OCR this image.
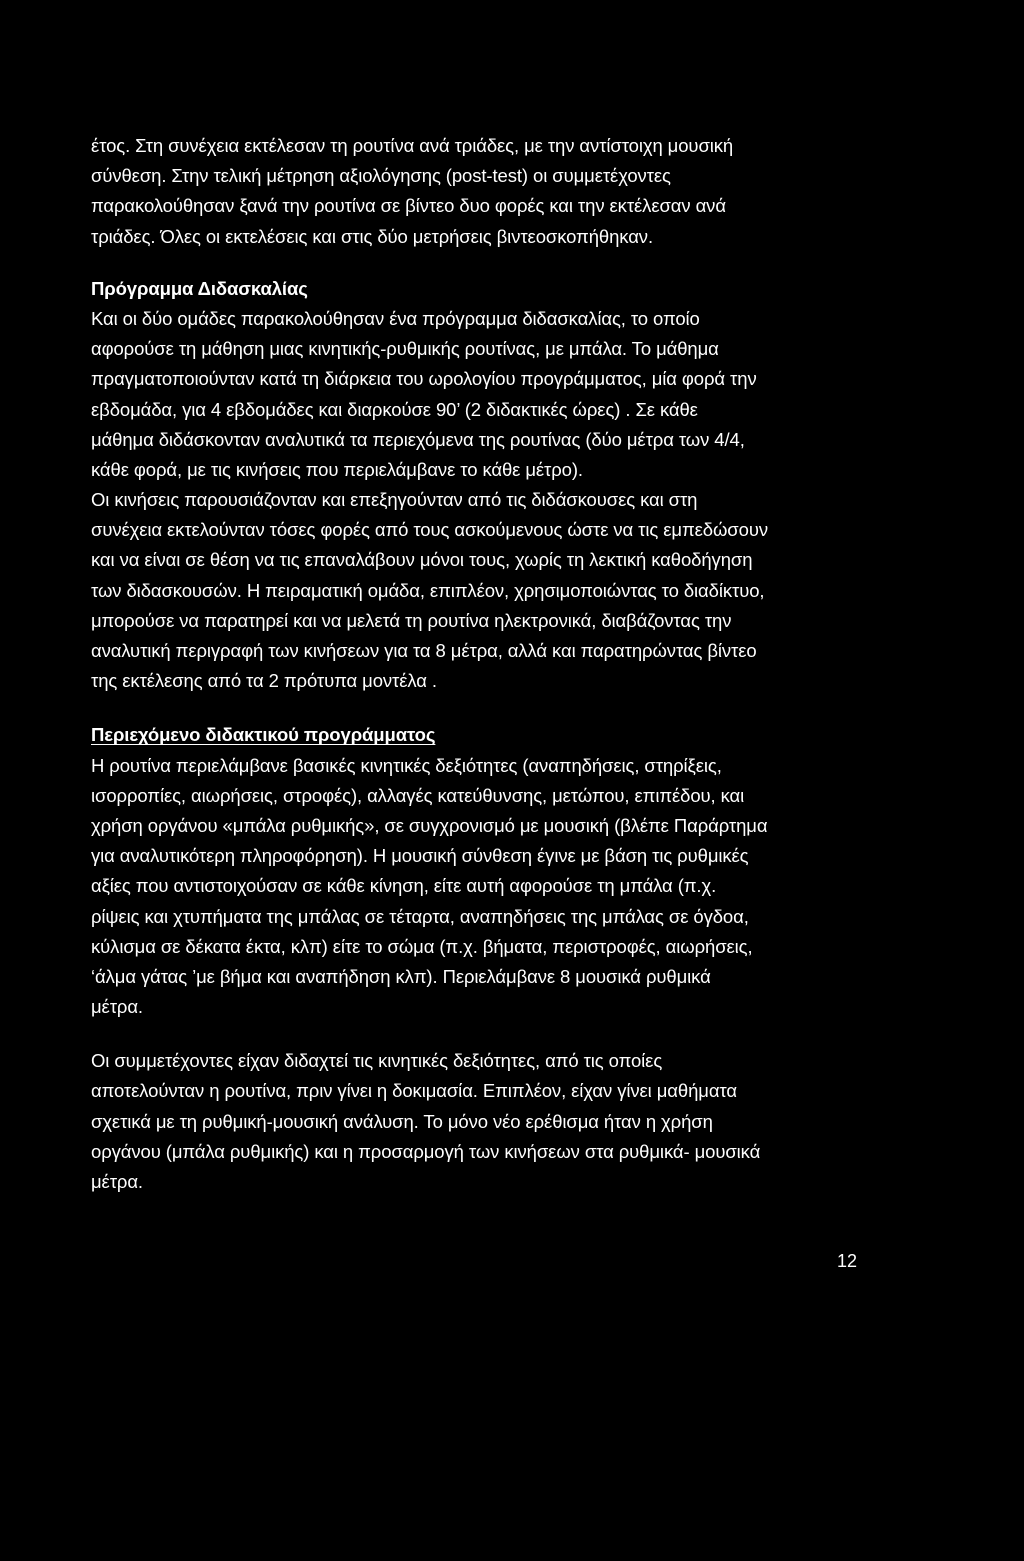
έτος. Στη συνέχεια εκτέλεσαν τη ρουτίνα ανά τριάδες, με την αντίστοιχη μουσική
σύνθεση. Στην τελική μέτρηση αξιολόγησης (post-test) οι συμμετέχοντες
παρακολούθησαν ξανά την ρουτίνα σε βίντεο δυο φορές και την εκτέλεσαν ανά
τριάδες. Όλες οι εκτελέσεις και στις δύο μετρήσεις βιντεοσκοπήθηκαν.
Πρόγραμμα Διδασκαλίας
Και οι δύο ομάδες παρακολούθησαν ένα πρόγραμμα διδασκαλίας, το οποίο
αφορούσε τη μάθηση μιας κινητικής-ρυθμικής ρουτίνας, με μπάλα. Το μάθημα
πραγματοποιούνταν κατά τη διάρκεια του ωρολογίου προγράμματος, μία φορά την
εβδομάδα, για 4 εβδομάδες και διαρκούσε 90’ (2 διδακτικές ώρες) . Σε κάθε
μάθημα διδάσκονταν αναλυτικά τα περιεχόμενα της ρουτίνας (δύο μέτρα των 4/4,
κάθε φορά, με τις κινήσεις που περιελάμβανε το κάθε μέτρο).
Οι κινήσεις παρουσιάζονταν και επεξηγούνταν από τις διδάσκουσες και στη
συνέχεια εκτελούνταν τόσες φορές από τους ασκούμενους ώστε να τις εμπεδώσουν
και να είναι σε θέση να τις επαναλάβουν μόνοι τους, χωρίς τη λεκτική καθοδήγηση
των διδασκουσών. Η πειραματική ομάδα, επιπλέον, χρησιμοποιώντας το διαδίκτυο,
μπορούσε να παρατηρεί και να μελετά τη ρουτίνα ηλεκτρονικά, διαβάζοντας την
αναλυτική περιγραφή των κινήσεων για τα 8 μέτρα, αλλά και παρατηρώντας βίντεο
της εκτέλεσης από τα 2 πρότυπα μοντέλα .
Περιεχόμενο διδακτικού προγράμματος
Η ρουτίνα περιελάμβανε βασικές κινητικές δεξιότητες (αναπηδήσεις, στηρίξεις,
ισορροπίες, αιωρήσεις, στροφές), αλλαγές κατεύθυνσης, μετώπου, επιπέδου, και
χρήση οργάνου «μπάλα ρυθμικής», σε συγχρονισμό με μουσική (βλέπε Παράρτημα
για αναλυτικότερη πληροφόρηση). Η μουσική σύνθεση έγινε με βάση τις ρυθμικές
αξίες που αντιστοιχούσαν σε κάθε κίνηση, είτε αυτή αφορούσε τη μπάλα (π.χ.
ρίψεις και χτυπήματα της μπάλας σε τέταρτα, αναπηδήσεις της μπάλας σε όγδοα,
κύλισμα σε δέκατα έκτα, κλπ) είτε το σώμα (π.χ. βήματα, περιστροφές, αιωρήσεις,
‘άλμα γάτας ’με βήμα και αναπήδηση κλπ). Περιελάμβανε 8 μουσικά ρυθμικά
μέτρα.
Οι συμμετέχοντες είχαν διδαχτεί τις κινητικές δεξιότητες, από τις οποίες
αποτελούνταν η ρουτίνα, πριν γίνει η δοκιμασία. Επιπλέον, είχαν γίνει μαθήματα
σχετικά με τη ρυθμική-μουσική ανάλυση. Το μόνο νέο ερέθισμα ήταν η χρήση
οργάνου (μπάλα ρυθμικής) και η προσαρμογή των κινήσεων στα ρυθμικά- μουσικά
μέτρα.
12
